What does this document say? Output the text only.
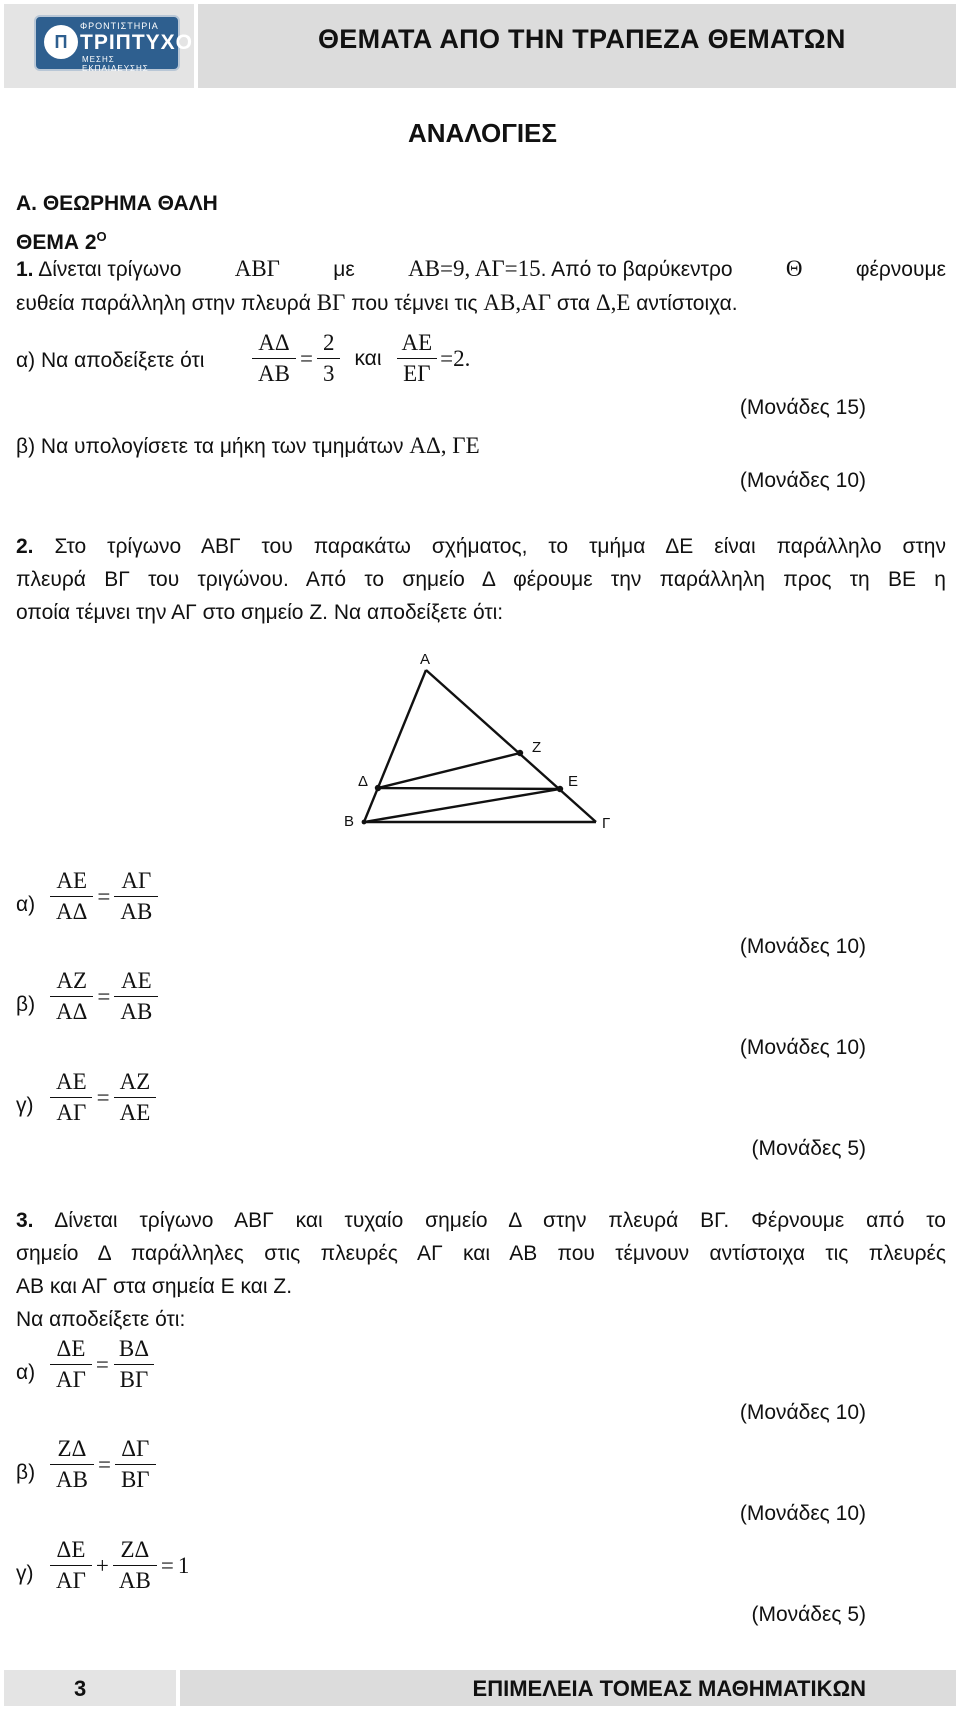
Π
ΦΡΟΝΤΙΣΤΗΡΙΑ
ΤΡΙΠΤΥΧΟ
ΜΕΣΗΣ ΕΚΠΑΙΔΕΥΣΗΣ
ΘΕΜΑΤΑ ΑΠΟ ΤΗΝ ΤΡΑΠΕΖΑ ΘΕΜΑΤΩΝ
ΑΝΑΛΟΓΙΕΣ
Α. ΘΕΩΡΗΜΑ ΘΑΛΗ
ΘΕΜΑ $2^O$
1. Δίνεται τρίγωνο ΑΒΓ	με ΑΒ=9, ΑΓ=15. Από το βαρύκεντρο Θ	φέρνουμε
ευθεία παράλληλη στην πλευρά ΒΓ που τέμνει τις ΑΒ,ΑΓ στα Δ,Ε αντίστοιχα.
α) Να αποδείξετε ότι $\frac{A\Delta}{AB} = \frac{2}{3}$ και $\frac{AE}{E\Gamma} =2$ .
(Μονάδες 15)
β) Να υπολογίσετε τα μήκη των τμημάτων ΑΔ, ΓΕ
(Μονάδες 10)
2. Στο τρίγωνο ΑΒΓ του παρακάτω σχήματος, το τμήμα ΔΕ είναι παράλληλο στην
πλευρά ΒΓ του τριγώνου. Από το σημείο Δ φέρουμε την παράλληλη προς τη ΒΕ η
οποία τέμνει την ΑΓ στο σημείο Ζ. Να αποδείξετε ότι:
Α
Β	Γ
Δ	Ε
Ζ
$\alpha) \frac{AE}{A\Delta} = \frac{A\Gamma}{AB}$
(Μονάδες 10)
$\beta) \frac{AZ}{A\Delta} = \frac{AE}{AB}$
(Μονάδες 10)
$\gamma) \frac{AE}{A\Gamma} = \frac{AZ}{AE}$
(Μονάδες 5)
3. Δίνεται τρίγωνο ΑΒΓ και τυχαίο σημείο Δ στην πλευρά ΒΓ. Φέρνουμε από το
σημείο Δ παράλληλες στις πλευρές ΑΓ και ΑΒ που τέμνουν αντίστοιχα τις πλευρές
ΑΒ και ΑΓ στα σημεία Ε και Ζ.
Να αποδείξετε ότι:
$\alpha) \frac{\Delta E}{A\Gamma} = \frac{B\Delta}{B\Gamma}$
(Μονάδες 10)
$\beta) \frac{Z\Delta}{AB} = \frac{\Delta\Gamma}{B\Gamma}$
(Μονάδες 10)
$\gamma) \frac{\Delta E}{A\Gamma} + \frac{Z\Delta}{AB} = 1$
(Μονάδες 5)
3	ΕΠΙΜΕΛΕΙΑ ΤΟΜΕΑΣ ΜΑΘΗΜΑΤΙΚΩΝ
